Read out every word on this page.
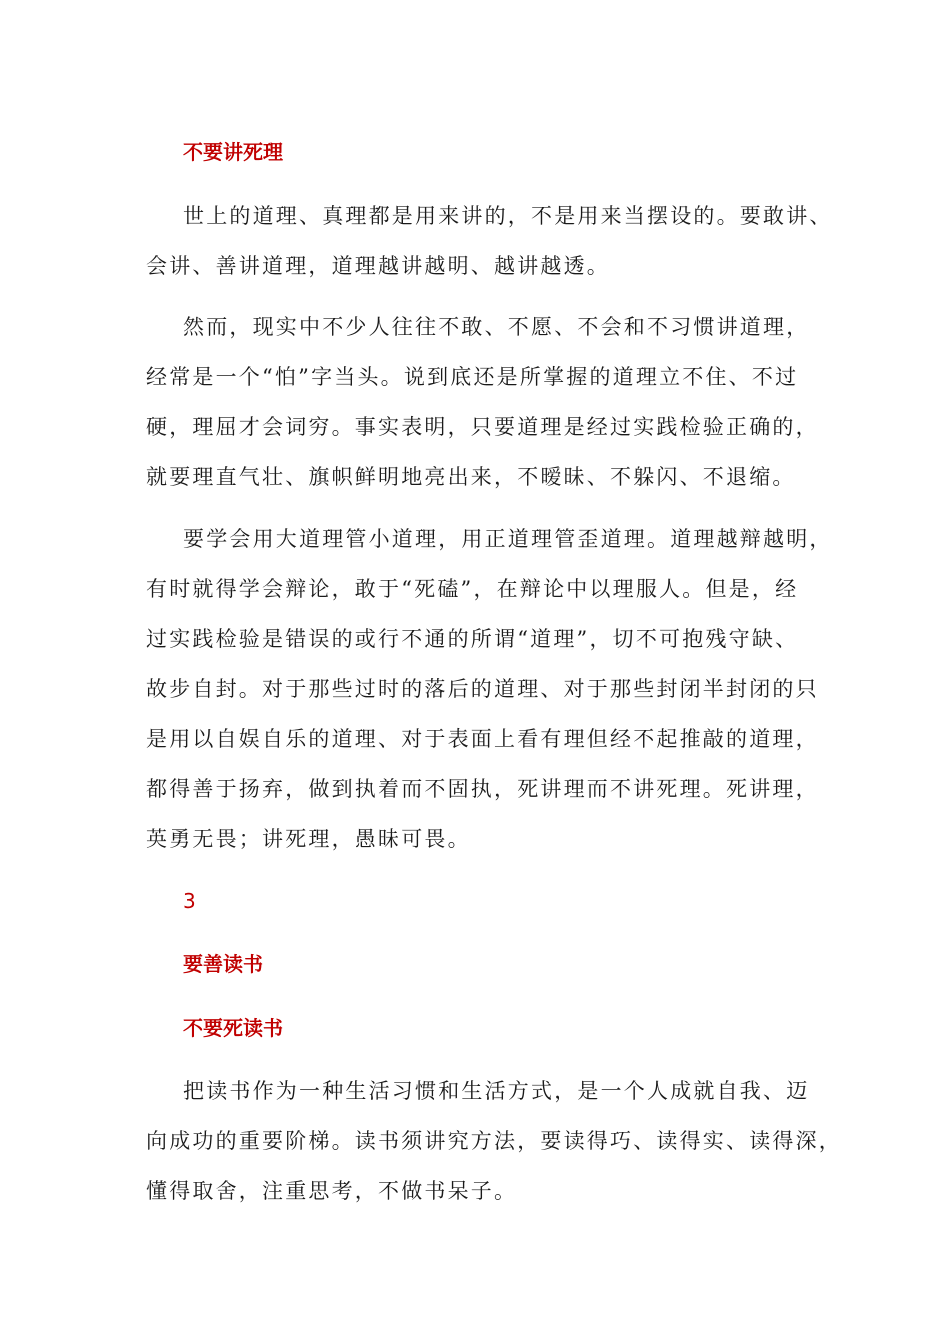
不要讲死理
世上的道理、真理都是用来讲的，不是用来当摆设的。要敢讲、
会讲、善讲道理，道理越讲越明、越讲越透。
然而，现实中不少人往往不敢、不愿、不会和不习惯讲道理，
经常是一个“怕”字当头。说到底还是所掌握的道理立不住、不过
硬，理屈才会词穷。事实表明，只要道理是经过实践检验正确的，
就要理直气壮、旗帜鲜明地亮出来，不暧昧、不躲闪、不退缩。
要学会用大道理管小道理，用正道理管歪道理。道理越辩越明，
有时就得学会辩论，敢于“死磕”，在辩论中以理服人。但是，经
过实践检验是错误的或行不通的所谓“道理”，切不可抱残守缺、
故步自封。对于那些过时的落后的道理、对于那些封闭半封闭的只
是用以自娱自乐的道理、对于表面上看有理但经不起推敲的道理，
都得善于扬弃，做到执着而不固执，死讲理而不讲死理。死讲理，
英勇无畏；讲死理，愚昧可畏。
3
要善读书
不要死读书
把读书作为一种生活习惯和生活方式，是一个人成就自我、迈
向成功的重要阶梯。读书须讲究方法，要读得巧、读得实、读得深，
懂得取舍，注重思考，不做书呆子。
